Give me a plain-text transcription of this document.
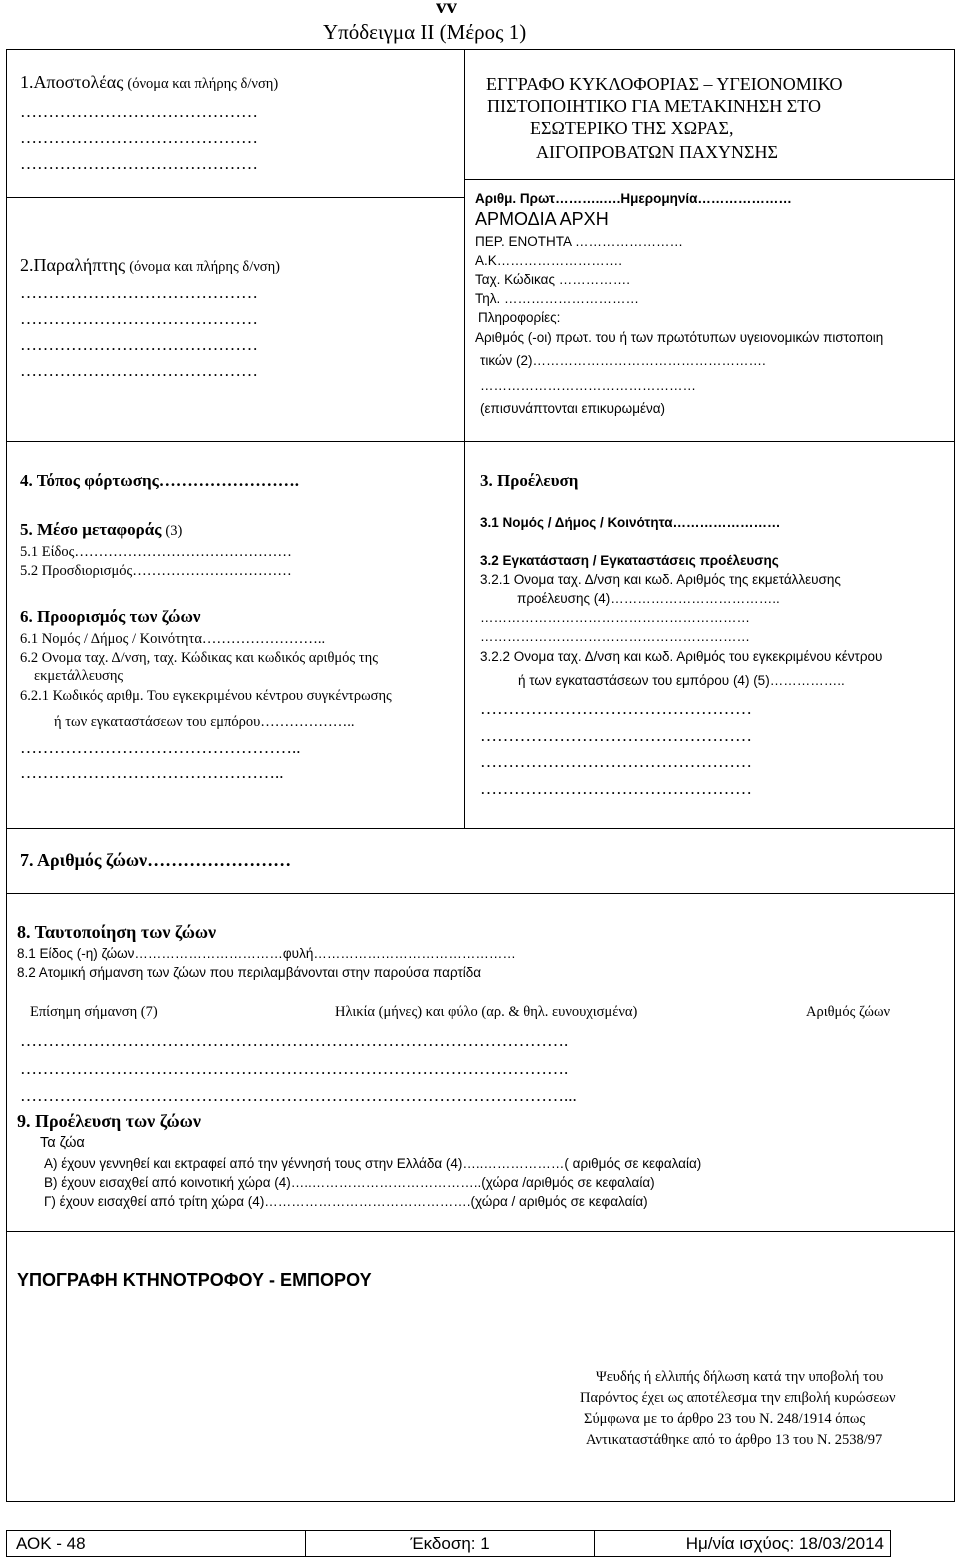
vv
Υπόδειγμα ΙΙ (Μέρος 1)
1.Αποστολέας (όνομα και πλήρης δ/νση)
……………………………………
……………………………………
……………………………………
2.Παραλήπτης (όνομα και πλήρης δ/νση)
……………………………………
……………………………………
……………………………………
……………………………………
ΕΓΓΡΑΦΟ ΚΥΚΛΟΦΟΡΙΑΣ – ΥΓΕΙΟΝΟΜΙΚΟ
ΠΙΣΤΟΠΟΙΗΤΙΚΟ ΓΙΑ ΜΕΤΑΚΙΝΗΣΗ ΣΤΟ
ΕΣΩΤΕΡΙΚΟ ΤΗΣ ΧΩΡΑΣ,
ΑΙΓΟΠΡΟΒΑΤΩΝ ΠΑΧΥΝΣΗΣ
Αριθμ. Πρωτ………..….Ημερομηνία…………………
ΑΡΜΟΔΙΑ ΑΡΧΗ
ΠΕΡ. ΕΝΟΤΗΤΑ ……………………
Α.Κ……………………….
Ταχ. Κώδικας …………….
Τηλ. …………………………
Πληροφορίες:
Αριθμός (-οι) πρωτ. του ή των πρωτότυπων υγειονομικών πιστοποιη
τικών (2)…………………………………………….
…………………………………………
(επισυνάπτονται επικυρωμένα)
4. Τόπος φόρτωσης…………………….
5. Μέσο μεταφοράς (3)
5.1 Είδος………………………………………
5.2 Προσδιορισμός……………………………
6. Προορισμός των ζώων
6.1 Νομός / Δήμος / Κοινότητα……………………..
6.2 Ονομα ταχ. Δ/νση, ταχ. Κώδικας και κωδικός αριθμός της
εκμετάλλευσης
6.2.1 Κωδικός αριθμ. Του εγκεκριμένου κέντρου συγκέντρωσης
ή των εγκαταστάσεων του εμπόρου………………..
…………………………………………..
………………………………………..
3. Προέλευση
3.1 Νομός / Δήμος / Κοινότητα……………………
3.2 Εγκατάσταση / Εγκαταστάσεις προέλευσης
3.2.1 Ονομα ταχ. Δ/νση και κωδ. Αριθμός της εκμετάλλευσης
προέλευσης (4)………………………………..
……………………………………………………
……………………………………………………
3.2.2 Ονομα ταχ. Δ/νση και κωδ. Αριθμός του εγκεκριμένου κέντρου
ή των εγκαταστάσεων του εμπόρου (4) (5)……………..
…………………………………………
…………………………………………
…………………………………………
…………………………………………
7. Αριθμός ζώων……………………
8. Ταυτοποίηση των ζώων
8.1 Είδος (-η) ζώων……………………………φυλή………………………………………
8.2 Ατομική σήμανση των ζώων που περιλαμβάνονται στην παρούσα παρτίδα
Επίσημη σήμανση (7)	Ηλικία (μήνες) και φύλο (αρ. & θηλ. ευνουχισμένα)	Αριθμός ζώων
…………………………………………………………………………………….
…………………………………………………………………………………….
……………………………………………………………………………………...
9. Προέλευση των ζώων
Τα ζώα
Α) έχουν γεννηθεί και εκτραφεί από την γέννησή τους στην Ελλάδα (4)…..………………( αριθμός σε κεφαλαία)
Β) έχουν εισαχθεί από κοινοτική χώρα (4)…..………………………………..(χώρα /αριθμός σε κεφαλαία)
Γ) έχουν εισαχθεί από τρίτη χώρα (4)……………………………………….(χώρα / αριθμός σε κεφαλαία)
ΥΠΟΓΡΑΦΗ ΚΤΗΝΟΤΡΟΦΟΥ - ΕΜΠΟΡΟΥ
Ψευδής ή ελλιπής δήλωση κατά την υποβολή του
Παρόντος έχει ως αποτέλεσμα την επιβολή κυρώσεων
Σύμφωνα με το άρθρο 23 του Ν. 248/1914 όπως
Αντικαταστάθηκε από το άρθρο 13 του Ν. 2538/97
ΑΟΚ - 48	Έκδοση: 1	Ημ/νία ισχύος: 18/03/2014
